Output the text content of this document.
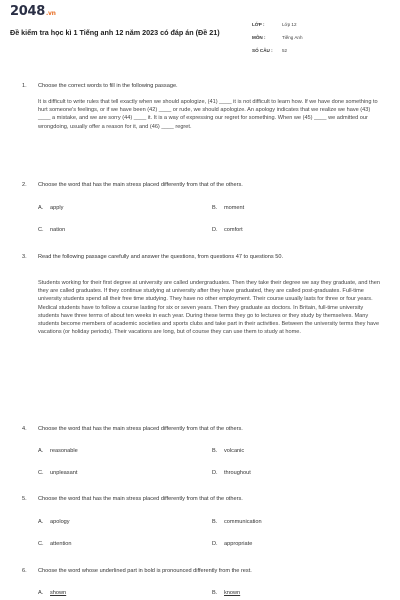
2048.vn
Đề kiểm tra học kì 1 Tiếng anh 12 năm 2023 có đáp án (Đề 21)
LỚP :	Lớp 12
MÔN :	Tiếng Anh
SỐ CÂU :	52
1. Choose the correct words to fill in the following passage.
It is difficult to write rules that tell exactly when we should apologize, (41) ____ it is not difficult to learn how. If we have done something to hurt someone's feelings, or if we have been (42) ____ or rude, we should apologize. An apology indicates that we realize we have (43) ____ a mistake, and we are sorry (44) ____ it. It is a way of expressing our regret for something. When we (45) ____ we admitted our wrongdoing, usually offer a reason for it, and (46) ____ regret.
2. Choose the word that has the main stress placed differently from that of the others.
A. apply	B. moment
C. nation	D. comfort
3. Read the following passage carefully and answer the questions, from questions 47 to questions 50.
Students working for their first degree at university are called undergraduates. Then they take their degree we say they graduate, and then they are called graduates. If they continue studying at university after they have graduated, they are called post-graduates. Full-time university students spend all their free time studying. They have no other employment. Their course usually lasts for three or four years. Medical students have to follow a course lasting for six or seven years. Then they graduate as doctors. In Britain, full-time university students have three terms of about ten weeks in each year. During these terms they go to lectures or they study by themselves. Many students become members of academic societies and sports clubs and take part in their activities. Between the university terms they have vacations (or holiday periods). Their vacations are long, but of course they can use them to study at home.
4. Choose the word that has the main stress placed differently from that of the others.
A. reasonable	B. volcanic
C. unpleasant	D. throughout
5. Choose the word that has the main stress placed differently from that of the others.
A. apology	B. communication
C. attention	D. appropriate
6. Choose the word whose underlined part in bold is pronounced differently from the rest.
A. shown	B. known
